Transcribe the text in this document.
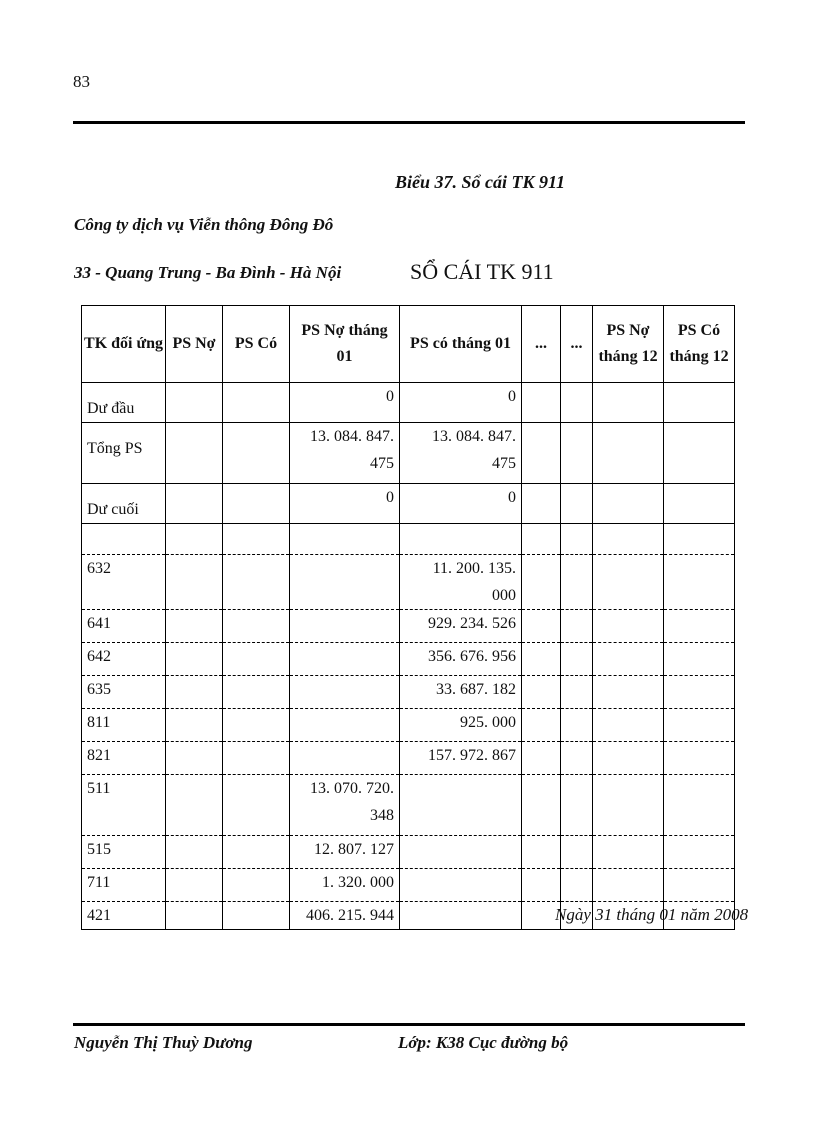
83
Biểu 37. Sổ cái TK 911
Công ty dịch vụ Viễn thông Đông Đô
33 - Quang Trung - Ba Đình - Hà Nội	SỔ CÁI TK 911
TK đối ứng	PS Nợ	PS Có	PS Nợ tháng 01	PS có tháng 01	...	...	PS Nợ tháng 12	PS Có tháng 12
Dư đầu			0	0				
Tổng PS			13. 084. 847. 475	13. 084. 847. 475				
Dư cuối			0	0				

632				11. 200. 135. 000				
641				929. 234. 526				
642				356. 676. 956				
635				33. 687. 182				
811				925. 000				
821				157. 972. 867				
511			13. 070. 720. 348					
515			12. 807. 127					
711			1. 320. 000					
421			406. 215. 944						Ngày 31 tháng 01 năm 2008
Nguyễn Thị Thuỳ Dương	Lớp: K38 Cục đường bộ
